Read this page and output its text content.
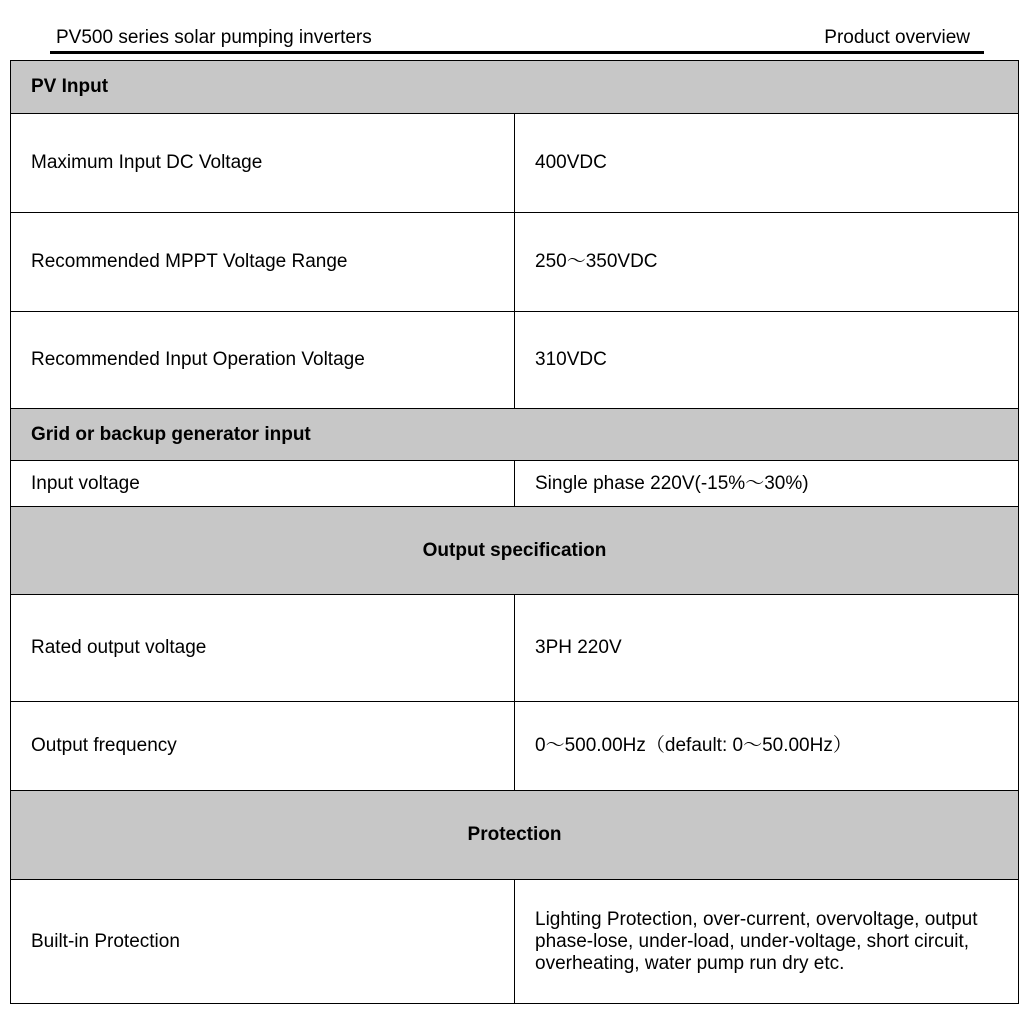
PV500 series solar pumping inverters	Product overview
PV Input	
Maximum Input DC Voltage	400VDC
Recommended MPPT Voltage Range	250～350VDC
Recommended Input Operation Voltage	310VDC
Grid or backup generator input	
Input voltage	Single phase 220V(-15%～30%)
Output specification	
Rated output voltage	3PH 220V
Output frequency	0～500.00Hz（default: 0～50.00Hz）
Protection	
Built-in Protection	Lighting Protection, over-current, overvoltage, output phase-lose, under-load, under-voltage, short circuit, overheating, water pump run dry etc.
